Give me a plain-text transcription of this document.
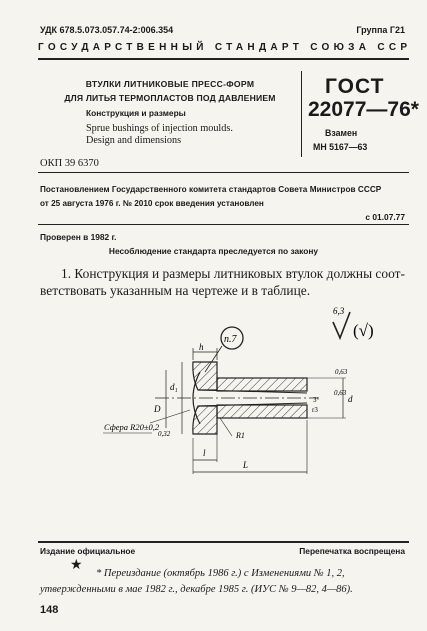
УДК 678.5.073.057.74-2:006.354	Группа Г21
ГОСУДАРСТВЕННЫЙ СТАНДАРТ СОЮЗА ССР
ВТУЛКИ ЛИТНИКОВЫЕ ПРЕСС-ФОРМ
ДЛЯ ЛИТЬЯ ТЕРМОПЛАСТОВ ПОД ДАВЛЕНИЕМ
Конструкция и размеры
Sprue bushings of injection moulds.
Design and dimensions
ГОСТ
22077—76*
Взамен
МН 5167—63
ОКП 39 6370
Постановлением Государственного комитета стандартов Совета Министров СССР
от 25 августа 1976 г. № 2010 срок введения установлен
с 01.07.77
Проверен в 1982 г.
Несоблюдение стандарта преследуется по закону
1. Конструкция и размеры литниковых втулок должны соот-
ветствовать указанным на чертеже и в таблице.
6,3
(√)
п.7
h
d₁
D
d
l
L
R1
3°
r3
0,63
0,63
0,32
Сфера R20±0,2
Издание официальное	Перепечатка воспрещена
★
* Переиздание (октябрь 1986 г.) с Изменениями № 1, 2,
утвержденными в мае 1982 г., декабре 1985 г. (ИУС № 9—82, 4—86).
148
